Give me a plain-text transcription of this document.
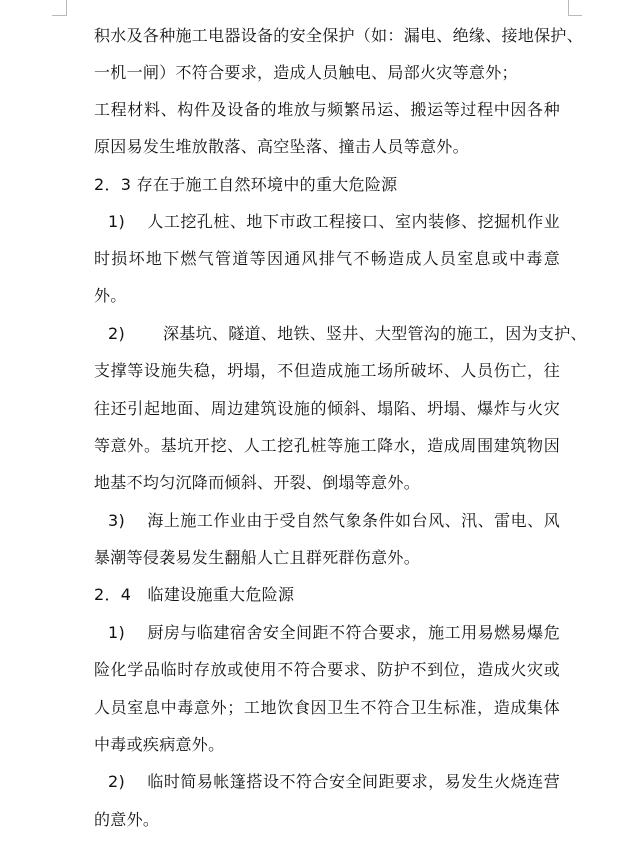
积水及各种施工电器设备的安全保护（如：漏电、绝缘、接地保护、
一机一闸）不符合要求，造成人员触电、局部火灾等意外；
工程材料、构件及设备的堆放与频繁吊运、搬运等过程中因各种
原因易发生堆放散落、高空坠落、撞击人员等意外。
2．3 存在于施工自然环境中的重大危险源
1)　 人工挖孔桩、地下市政工程接口、室内装修、挖掘机作业
时损坏地下燃气管道等因通风排气不畅造成人员室息或中毒意
外。
2)　　 深基坑、隧道、地铁、竖井、大型管沟的施工，因为支护、
支撑等设施失稳，坍塌，不但造成施工场所破坏、人员伤亡，往
往还引起地面、周边建筑设施的倾斜、塌陷、坍塌、爆炸与火灾
等意外。基坑开挖、人工挖孔桩等施工降水，造成周围建筑物因
地基不均匀沉降而倾斜、开裂、倒塌等意外。
3)　 海上施工作业由于受自然气象条件如台风、汛、雷电、风
暴潮等侵袭易发生翻船人亡且群死群伤意外。
2．4　临建设施重大危险源
1)　 厨房与临建宿舍安全间距不符合要求，施工用易燃易爆危
险化学品临时存放或使用不符合要求、防护不到位，造成火灾或
人员室息中毒意外；工地饮食因卫生不符合卫生标准，造成集体
中毒或疾病意外。
2)　 临时简易帐篷搭设不符合安全间距要求，易发生火烧连营
的意外。
